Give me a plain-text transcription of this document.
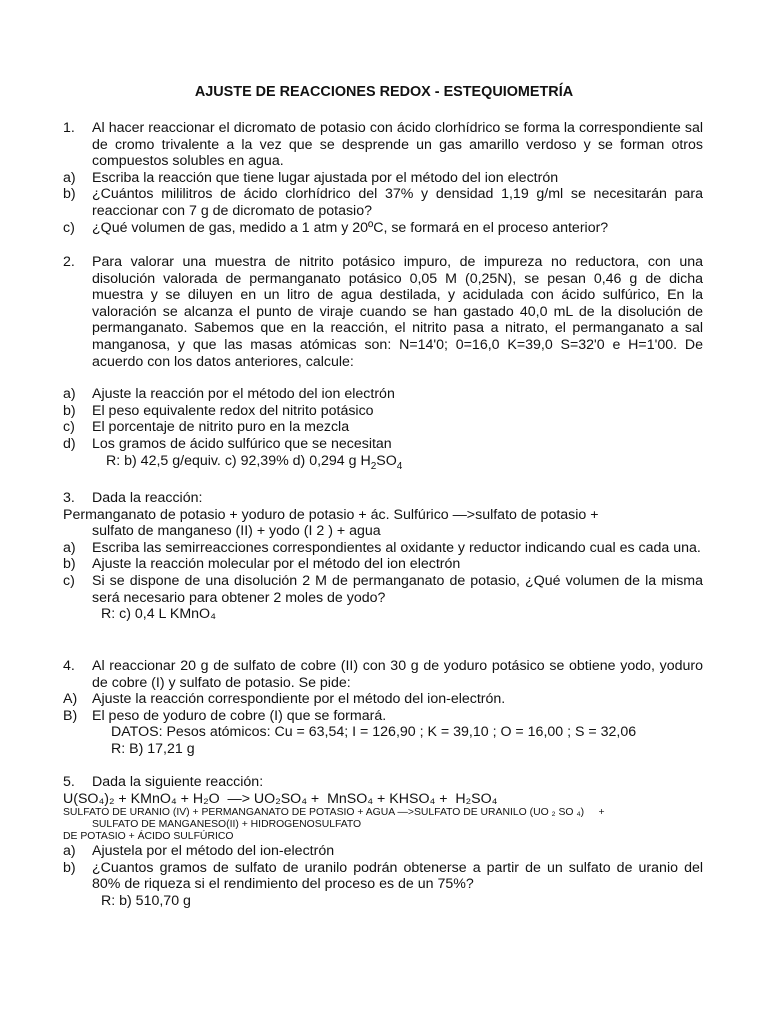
AJUSTE DE REACCIONES REDOX - ESTEQUIOMETRÍA
1. Al hacer reaccionar el dicromato de potasio con ácido clorhídrico se forma la correspondiente sal de cromo trivalente a la vez que se desprende un gas amarillo verdoso y se forman otros compuestos solubles en agua.
a) Escriba la reacción que tiene lugar ajustada por el método del ion electrón
b) ¿Cuántos mililitros de ácido clorhídrico del 37% y densidad 1,19 g/ml se necesitarán para reaccionar con 7 g de dicromato de potasio?
c) ¿Qué volumen de gas, medido a 1 atm y 20ºC, se formará en el proceso anterior?
2. Para valorar una muestra de nitrito potásico impuro, de impureza no reductora, con una disolución valorada de permanganato potásico 0,05 M (0,25N), se pesan 0,46 g de dicha muestra y se diluyen en un litro de agua destilada, y acidulada con ácido sulfúrico, En la valoración se alcanza el punto de viraje cuando se han gastado 40,0 mL de la disolución de permanganato. Sabemos que en la reacción, el nitrito pasa a nitrato, el permanganato a sal manganosa, y que las masas atómicas son: N=14'0; 0=16,0 K=39,0 S=32'0 e H=1'00. De acuerdo con los datos anteriores, calcule:
a) Ajuste la reacción por el método del ion electrón
b) El peso equivalente redox del nitrito potásico
c) El porcentaje de nitrito puro en la mezcla
d) Los gramos de ácido sulfúrico que se necesitan
R: b) 42,5 g/equiv. c) 92,39% d) 0,294 g $H_2SO_4$
3. Dada la reacción:
Permanganato de potasio + yoduro de potasio + ác. Sulfúrico —>sulfato de potasio +
sulfato de manganeso (II) + yodo (I 2 ) + agua
a) Escriba las semirreacciones correspondientes al oxidante y reductor indicando cual es cada una.
b) Ajuste la reacción molecular por el método del ion electrón
c) Si se dispone de una disolución 2 M de permanganato de potasio, ¿Qué volumen de la misma será necesario para obtener 2 moles de yodo?
R: c) 0,4 L KMnO₄
4. Al reaccionar 20 g de sulfato de cobre (II) con 30 g de yoduro potásico se obtiene yodo, yoduro de cobre (I) y sulfato de potasio. Se pide:
A) Ajuste la reacción correspondiente por el método del ion-electrón.
B) El peso de yoduro de cobre (I) que se formará.
DATOS: Pesos atómicos: Cu = 63,54; I = 126,90 ; K = 39,10 ; O = 16,00 ; S = 32,06
R: B) 17,21 g
5. Dada la siguiente reacción:
U(SO₄)₂ + KMnO₄ + H₂O  —> UO₂SO₄ +  MnSO₄ + KHSO₄ +  H₂SO₄
SULFATO DE URANIO (IV) + PERMANGANATO DE POTASIO + AGUA —>SULFATO DE URANILO (UO ₂ SO ₄)     +
SULFATO DE MANGANESO(II) + HIDROGENOSULFATO
DE POTASIO + ÁCIDO SULFÚRICO
a) Ajustela por el método del ion-electrón
b) ¿Cuantos gramos de sulfato de uranilo podrán obtenerse a partir de un sulfato de uranio del 80% de riqueza si el rendimiento del proceso es de un 75%?
R: b) 510,70 g
